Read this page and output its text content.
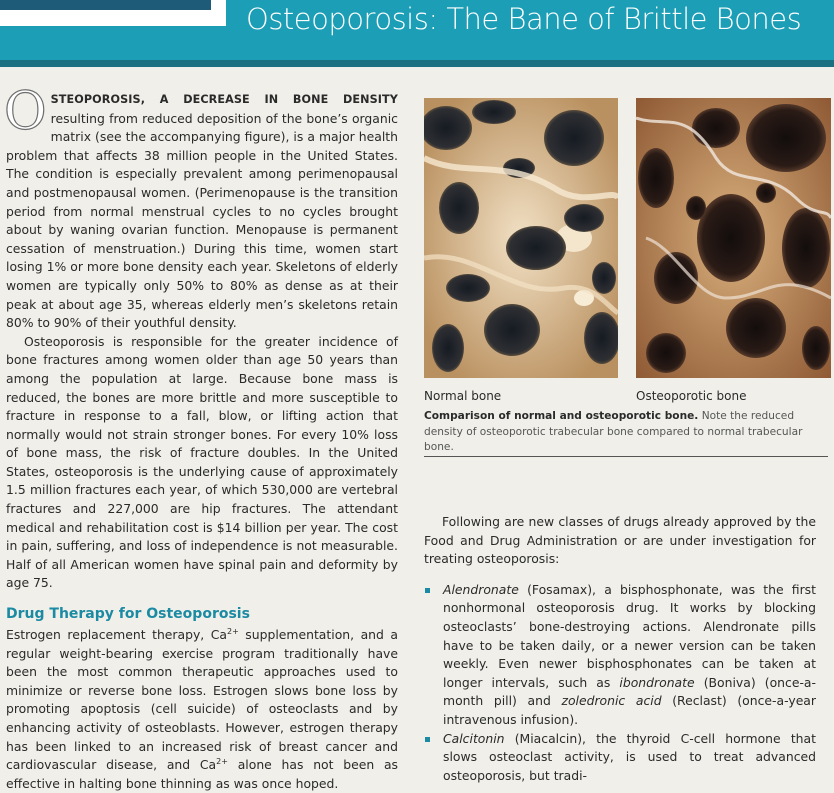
Osteoporosis: The Bane of Brittle Bones

OSTEOPOROSIS, A DECREASE IN BONE DENSITY resulting from reduced deposition of the bone’s organic matrix (see the accompanying figure), is a major health problem that affects 38 million people in the United States. The condition is especially prevalent among perimenopausal and postmenopausal women. (Perimenopause is the transition period from normal menstrual cycles to no cycles brought about by waning ovarian function. Menopause is permanent cessation of menstruation.) During this time, women start losing 1% or more bone density each year. Skeletons of elderly women are typically only 50% to 80% as dense as at their peak at about age 35, whereas elderly men’s skeletons retain 80% to 90% of their youthful density.

Osteoporosis is responsible for the greater incidence of bone fractures among women older than age 50 years than among the population at large. Because bone mass is reduced, the bones are more brittle and more susceptible to fracture in response to a fall, blow, or lifting action that normally would not strain stronger bones. For every 10% loss of bone mass, the risk of fracture doubles. In the United States, osteoporosis is the underlying cause of approximately 1.5 million fractures each year, of which 530,000 are vertebral fractures and 227,000 are hip fractures. The attendant medical and rehabilitation cost is $14 billion per year. The cost in pain, suffering, and loss of independence is not measurable. Half of all American women have spinal pain and deformity by age 75.

Drug Therapy for Osteoporosis

Estrogen replacement therapy, $Ca^{2+}$ supplementation, and a regular weight-bearing exercise program traditionally have been the most common therapeutic approaches used to minimize or reverse bone loss. Estrogen slows bone loss by promoting apoptosis (cell suicide) of osteoclasts and by enhancing activity of osteoblasts. However, estrogen therapy has been linked to an increased risk of breast cancer and cardiovascular disease, and $Ca^{2+}$ alone has not been as effective in halting bone thinning as was once hoped.

Normal bone	Osteoporotic bone
Comparison of normal and osteoporotic bone. Note the reduced density of osteoporotic trabecular bone compared to normal trabecular bone.

Following are new classes of drugs already approved by the Food and Drug Administration or are under investigation for treating osteoporosis:

Alendronate (Fosamax), a bisphosphonate, was the first nonhormonal osteoporosis drug. It works by blocking osteoclasts’ bone-destroying actions. Alendronate pills have to be taken daily, or a newer version can be taken weekly. Even newer bisphosphonates can be taken at longer intervals, such as ibondronate (Boniva) (once-a-month pill) and zoledronic acid (Reclast) (once-a-year intravenous infusion).
Calcitonin (Miacalcin), the thyroid C-cell hormone that slows osteoclast activity, is used to treat advanced osteoporosis, but tradi-
